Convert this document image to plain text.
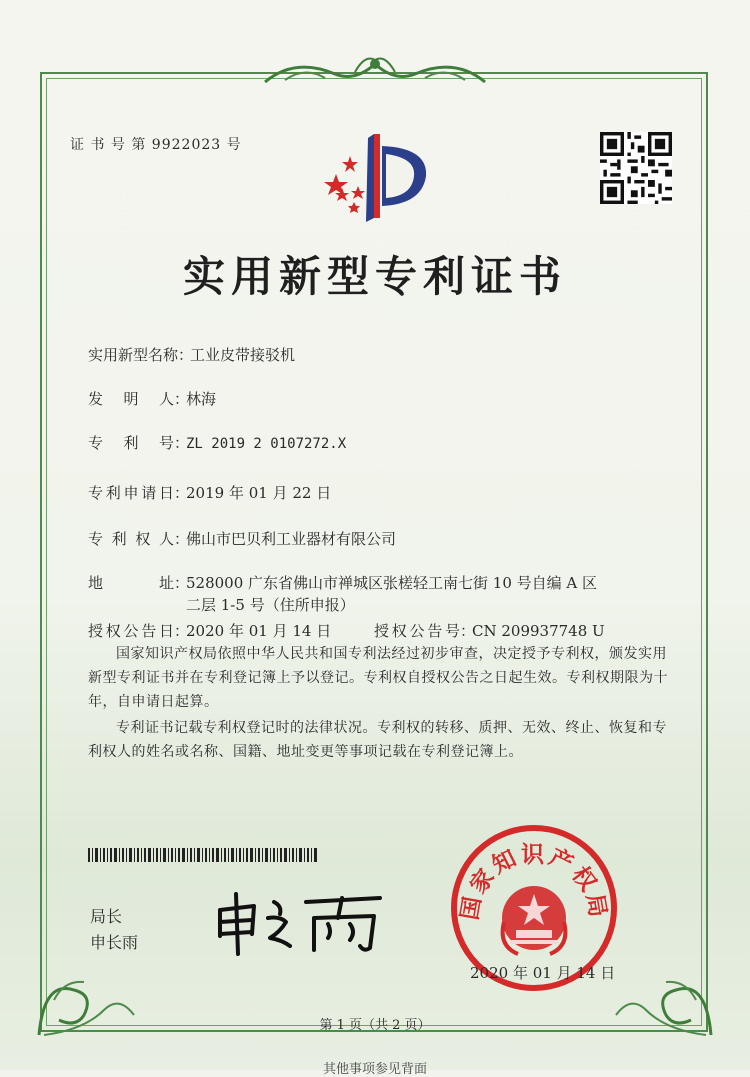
证 书 号 第 9922023 号
实用新型专利证书
实用新型名称：工业皮带接驳机
发明人：林海
专利号：ZL 2019 2 0107272.X
专利申请日：2019 年 01 月 22 日
专利权人：佛山市巴贝利工业器材有限公司
地址：528000 广东省佛山市禅城区张槎轻工南七街 10 号自编 A 区
二层 1-5 号（住所申报）
授权公告日：2020 年 01 月 14 日	授权公告号：CN 209937748 U

国家知识产权局依照中华人民共和国专利法经过初步审查，决定授予专利权，颁发实用新型专利证书并在专利登记簿上予以登记。专利权自授权公告之日起生效。专利权期限为十年，自申请日起算。

专利证书记载专利权登记时的法律状况。专利权的转移、质押、无效、终止、恢复和专利权人的姓名或名称、国籍、地址变更等事项记载在专利登记簿上。

局长
申长雨
国家知识产权局
2020 年 01 月 14 日
第 1 页（共 2 页）
其他事项参见背面
